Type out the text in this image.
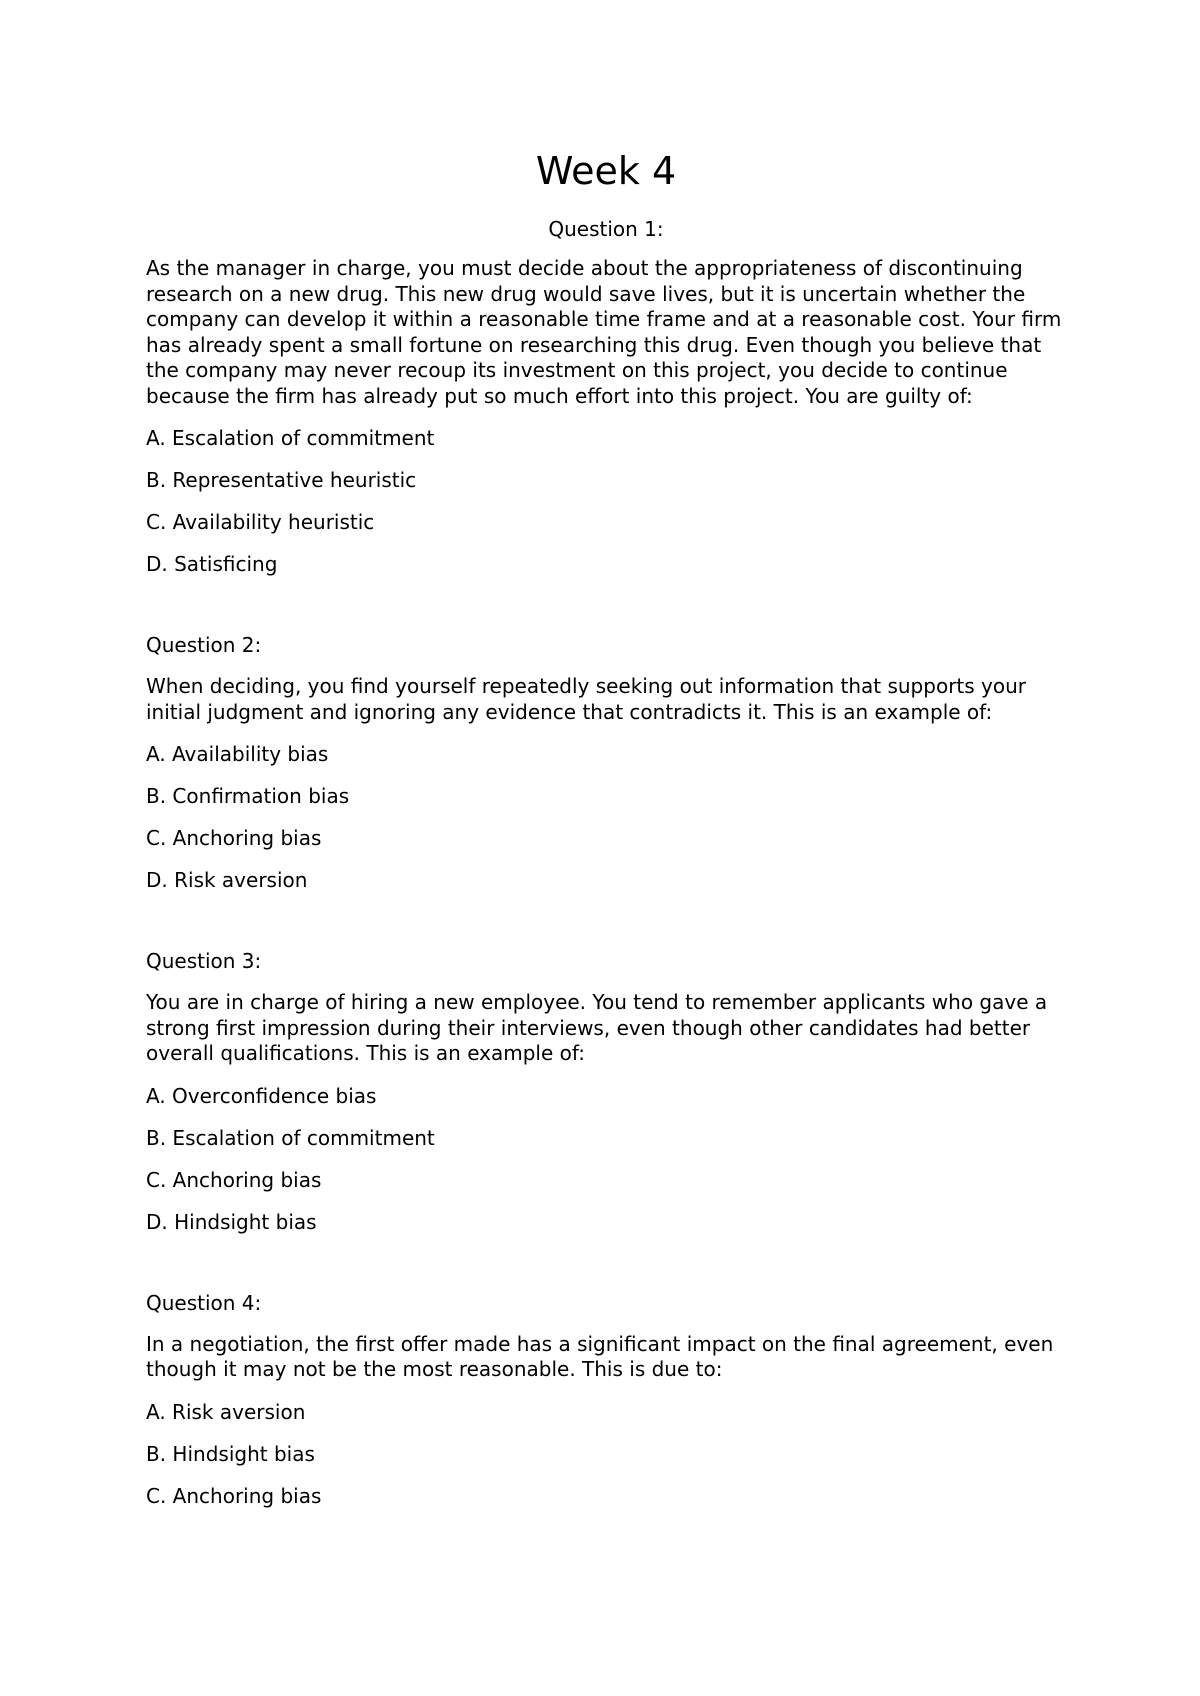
Week 4

Question 1:

As the manager in charge, you must decide about the appropriateness of discontinuing research on a new drug. This new drug would save lives, but it is uncertain whether the company can develop it within a reasonable time frame and at a reasonable cost. Your firm has already spent a small fortune on researching this drug. Even though you believe that the company may never recoup its investment on this project, you decide to continue because the firm has already put so much effort into this project. You are guilty of:

A. Escalation of commitment
B. Representative heuristic
C. Availability heuristic
D. Satisficing

Question 2:

When deciding, you find yourself repeatedly seeking out information that supports your initial judgment and ignoring any evidence that contradicts it. This is an example of:

A. Availability bias
B. Confirmation bias
C. Anchoring bias
D. Risk aversion

Question 3:

You are in charge of hiring a new employee. You tend to remember applicants who gave a strong first impression during their interviews, even though other candidates had better overall qualifications. This is an example of:

A. Overconfidence bias
B. Escalation of commitment
C. Anchoring bias
D. Hindsight bias

Question 4:

In a negotiation, the first offer made has a significant impact on the final agreement, even though it may not be the most reasonable. This is due to:

A. Risk aversion
B. Hindsight bias
C. Anchoring bias
